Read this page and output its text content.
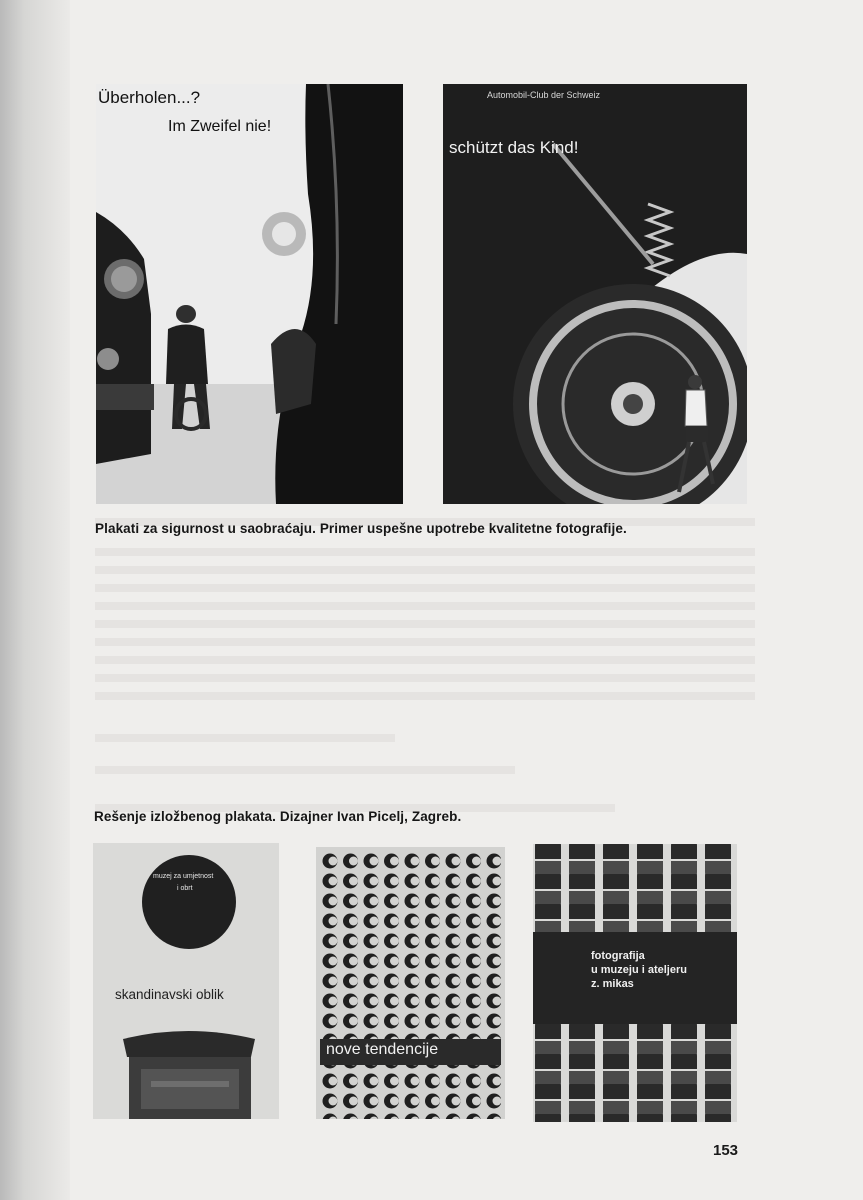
Überholen...?
Im Zweifel nie!
Automobil-Club der Schweiz
schützt das Kind!
Plakati za sigurnost u saobraćaju. Primer uspešne upotrebe kvalitetne fotografije.
Rešenje izložbenog plakata. Dizajner Ivan Picelj, Zagreb.
muzej za umjetnost
i obrt
skandinavski oblik
nove tendencije
fotografija
u muzeju i ateljeru
z. mikas
153
